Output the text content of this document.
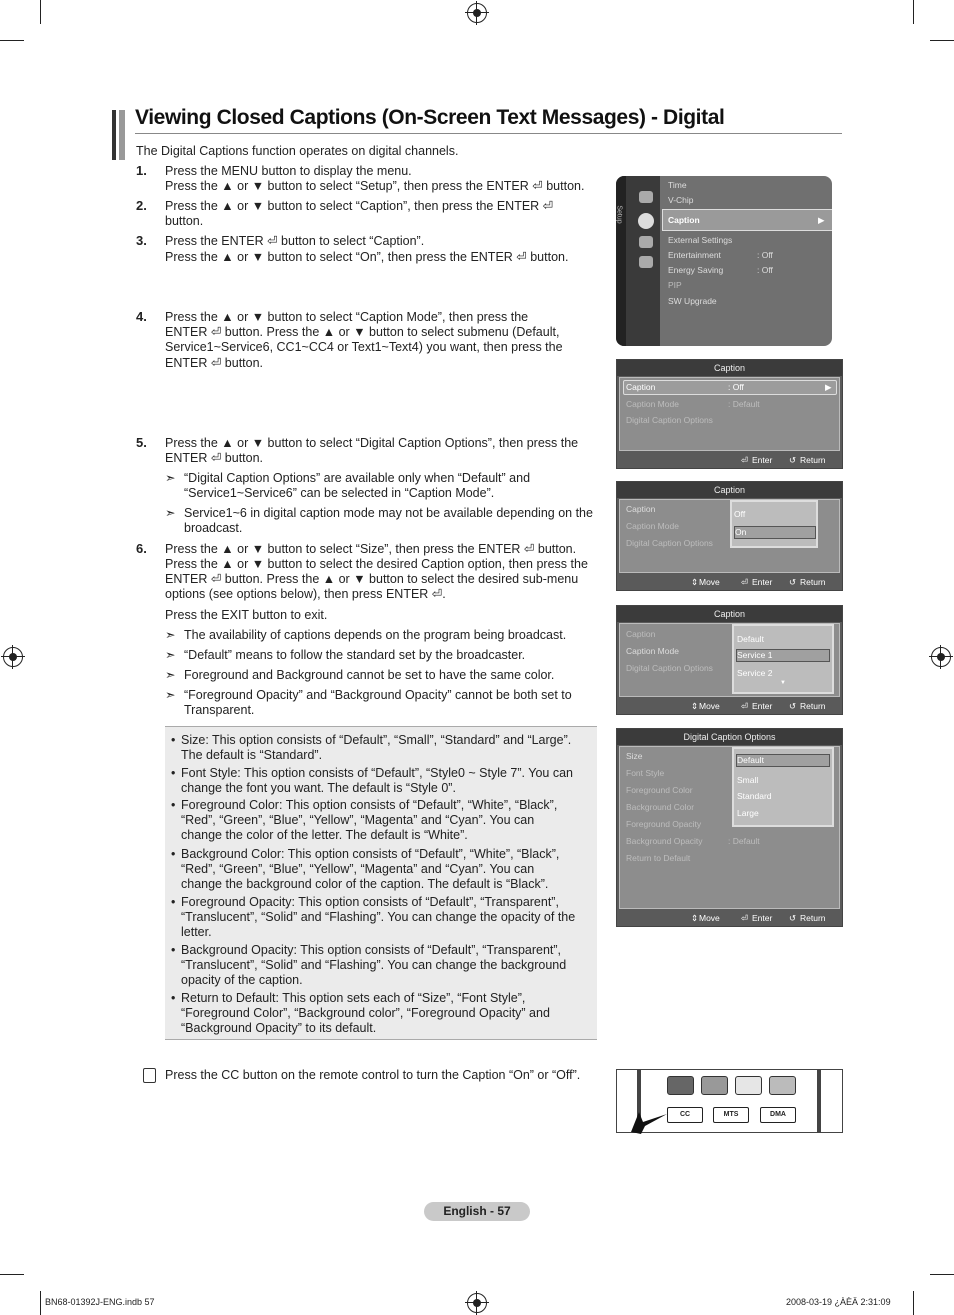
Viewing Closed Captions (On-Screen Text Messages) - Digital
The Digital Captions function operates on digital channels.
1. Press the MENU button to display the menu.
Press the ▲ or ▼ button to select “Setup”, then press the ENTER ⏎ button.
2. Press the ▲ or ▼ button to select “Caption”, then press the ENTER ⏎
button.
3. Press the ENTER ⏎ button to select “Caption”.
Press the ▲ or ▼ button to select “On”, then press the ENTER ⏎ button.
4. Press the ▲ or ▼ button to select “Caption Mode”, then press the
ENTER ⏎ button. Press the ▲ or ▼ button to select submenu (Default,
Service1~Service6, CC1~CC4 or Text1~Text4) you want, then press the
ENTER ⏎ button.
5. Press the ▲ or ▼ button to select “Digital Caption Options”, then press the
ENTER ⏎ button.
➣ “Digital Caption Options” are available only when “Default” and
“Service1~Service6” can be selected in “Caption Mode”.
➣ Service1~6 in digital caption mode may not be available depending on the
broadcast.
6. Press the ▲ or ▼ button to select “Size”, then press the ENTER ⏎ button.
Press the ▲ or ▼ button to select the desired Caption option, then press the
ENTER ⏎ button. Press the ▲ or ▼ button to select the desired sub-menu
options (see options below), then press ENTER ⏎.
Press the EXIT button to exit.
➣ The availability of captions depends on the program being broadcast.
➣ “Default” means to follow the standard set by the broadcaster.
➣ Foreground and Background cannot be set to have the same color.
➣ “Foreground Opacity” and “Background Opacity” cannot be both set to
Transparent.
• Size: This option consists of “Default”, “Small”, “Standard” and “Large”.
The default is “Standard”.
• Font Style: This option consists of “Default”, “Style0 ~ Style 7”. You can
change the font you want. The default is “Style 0”.
• Foreground Color: This option consists of “Default”, “White”, “Black”,
“Red”, “Green”, “Blue”, “Yellow”, “Magenta” and “Cyan”. You can
change the color of the letter. The default is “White”.
• Background Color: This option consists of “Default”, “White”, “Black”,
“Red”, “Green”, “Blue”, “Yellow”, “Magenta” and “Cyan”. You can
change the background color of the caption. The default is “Black”.
• Foreground Opacity: This option consists of “Default”, “Transparent”,
“Translucent”, “Solid” and “Flashing”. You can change the opacity of the
letter.
• Background Opacity: This option consists of “Default”, “Transparent”,
“Translucent”, “Solid” and “Flashing”. You can change the background
opacity of the caption.
• Return to Default: This option sets each of “Size”, “Font Style”,
“Foreground Color”, “Background color”, “Foreground Opacity” and
“Background Opacity” to its default.
Press the CC button on the remote control to turn the Caption “On” or “Off”.
Setup
Time
V-Chip
Caption	▶
External Settings
Entertainment	: Off
Energy Saving	: Off
PIP
SW Upgrade
Caption
Caption	: Off	▶
Caption Mode	: Default
Digital Caption Options
⏎ Enter ↺ Return
Caption
Caption
Caption Mode
Digital Caption Options
Off
On
⇕ Move ⏎ Enter ↺ Return
Caption
Caption
Caption Mode
Digital Caption Options
Default
Service 1
Service 2
▼
⇕ Move ⏎ Enter ↺ Return
Digital Caption Options
Size
Font Style
Foreground Color
Background Color
Foreground Opacity
Background Opacity	: Default
Return to Default
Default
Small
Standard
Large
⇕ Move ⏎ Enter ↺ Return
CC	MTS	DMA
English - 57
BN68-01392J-ENG.indb 57	2008-03-19 ¿ÀÈÄ 2:31:09
